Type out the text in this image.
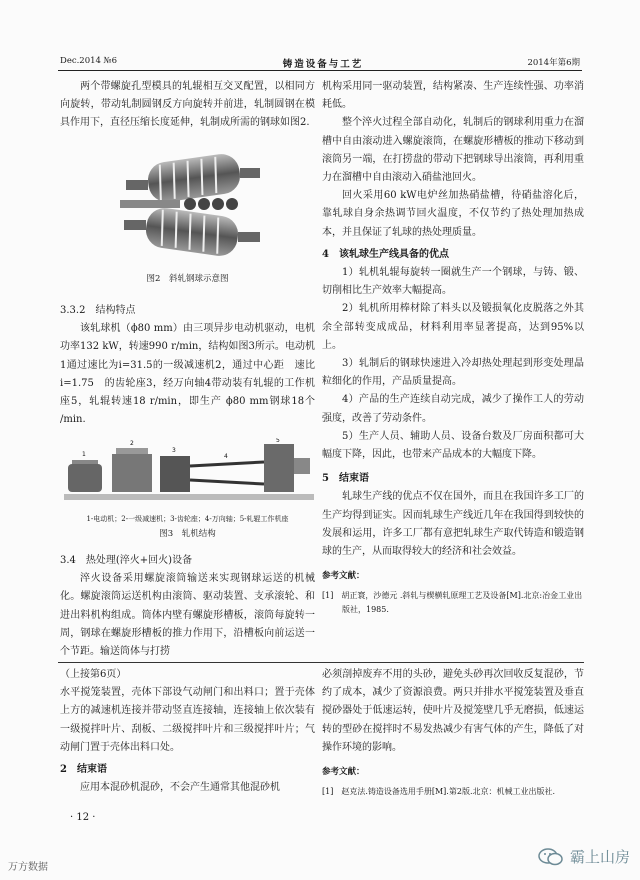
Dec.2014 №6	铸造设备与工艺	2014年第6期

两个带螺旋孔型模具的轧辊相互交叉配置，以相同方向旋转，带动轧制圆钢反方向旋转并前进，轧制圆钢在模具作用下，直径压缩长度延伸，轧制成所需的钢球如图2.

图2　斜轧钢球示意图

3.3.2　结构特点

该轧球机（ϕ80 mm）由三项异步电动机驱动，电机功率132 kW，转速990 r/min，结构如图3所示。电动机1通过速比为i=31.5的一级减速机2，通过中心距　速比i=1.75　的齿轮座3，经万向轴4带动装有轧辊的工作机座5，轧辊转速18 r/min，即生产 ϕ80 mm钢球18个 /min.

1
2
3
4
5

1-电动机；2-一级减速机；3-齿轮座；4-万向轴；5-轧辊工作机座

图3　轧机结构

3.4　热处理(淬火+回火)设备

淬火设备采用螺旋滚筒输送来实现钢球运送的机械化。螺旋滚筒运送机构由滚筒、驱动装置、支承滚轮、和进出料机构组成。筒体内壁有螺旋形槽板，滚筒每旋转一周，钢球在螺旋形槽板的推力作用下，沿槽板向前运送一个节距。输送筒体与打捞

机构采用同一驱动装置，结构紧凑、生产连续性强、功率消耗低。

整个淬火过程全部自动化，轧制后的钢球利用重力在溜槽中自由滚动进入螺旋滚筒，在螺旋形槽板的推动下移动到滚筒另一端，在打捞盘的带动下把钢球导出滚筒，再利用重力在溜槽中自由滚动入硝盐池回火。

回火采用60 kW电炉丝加热硝盐槽，待硝盐溶化后，靠轧球自身余热调节回火温度，不仅节约了热处理加热成本，并且保证了轧球的热处理质量。

4　该轧球生产线具备的优点

1）轧机轧辊每旋转一圈就生产一个钢球，与铸、锻、切削相比生产效率大幅提高。

2）轧机所用棒材除了料头以及锻损氧化皮脱落之外其余全部转变成成品，材料利用率显著提高，达到95%以上。

3）轧制后的钢球快速进入冷却热处理起到形变处理晶粒细化的作用，产品质量提高。

4）产品的生产连续自动完成，减少了操作工人的劳动强度，改善了劳动条件。

5）生产人员、辅助人员、设备台数及厂房面积都可大幅度下降，因此，也带来产品成本的大幅度下降。

5　结束语

轧球生产线的优点不仅在国外，而且在我国许多工厂的生产均得到证实。因而轧球生产线近几年在我国得到较快的发展和运用，许多工厂都有意把轧球生产取代铸造和锻造钢球的生产，从而取得较大的经济和社会效益。

参考文献：

[1]　胡正寰，沙德元 .斜轧与楔横轧原理工艺及设备[M].北京:冶金工业出版社，1985.

（上接第6页）

水平搅笼装置，壳体下部设气动闸门和出料口；置于壳体上方的减速机连接并带动竖直连接轴，连接轴上依次装有一级搅拌叶片、刮板、二级搅拌叶片和三级搅拌叶片；气动闸门置于壳体出料口处。

2　结束语

应用本混砂机混砂，不会产生通常其他混砂机

必须剖掉废弃不用的头砂，避免头砂再次回收反复混砂，节约了成本，减少了资源浪费。两只并排水平搅笼装置及垂直搅砂器处于低速运转，使叶片及搅笼壁几乎无磨损，低速运转的型砂在搅拌时不易发热减少有害气体的产生，降低了对操作环境的影响。

参考文献：

[1]　赵克法.铸造设备选用手册[M].第2版.北京：机械工业出版社.

· 12 ·
万方数据
霸上山房
